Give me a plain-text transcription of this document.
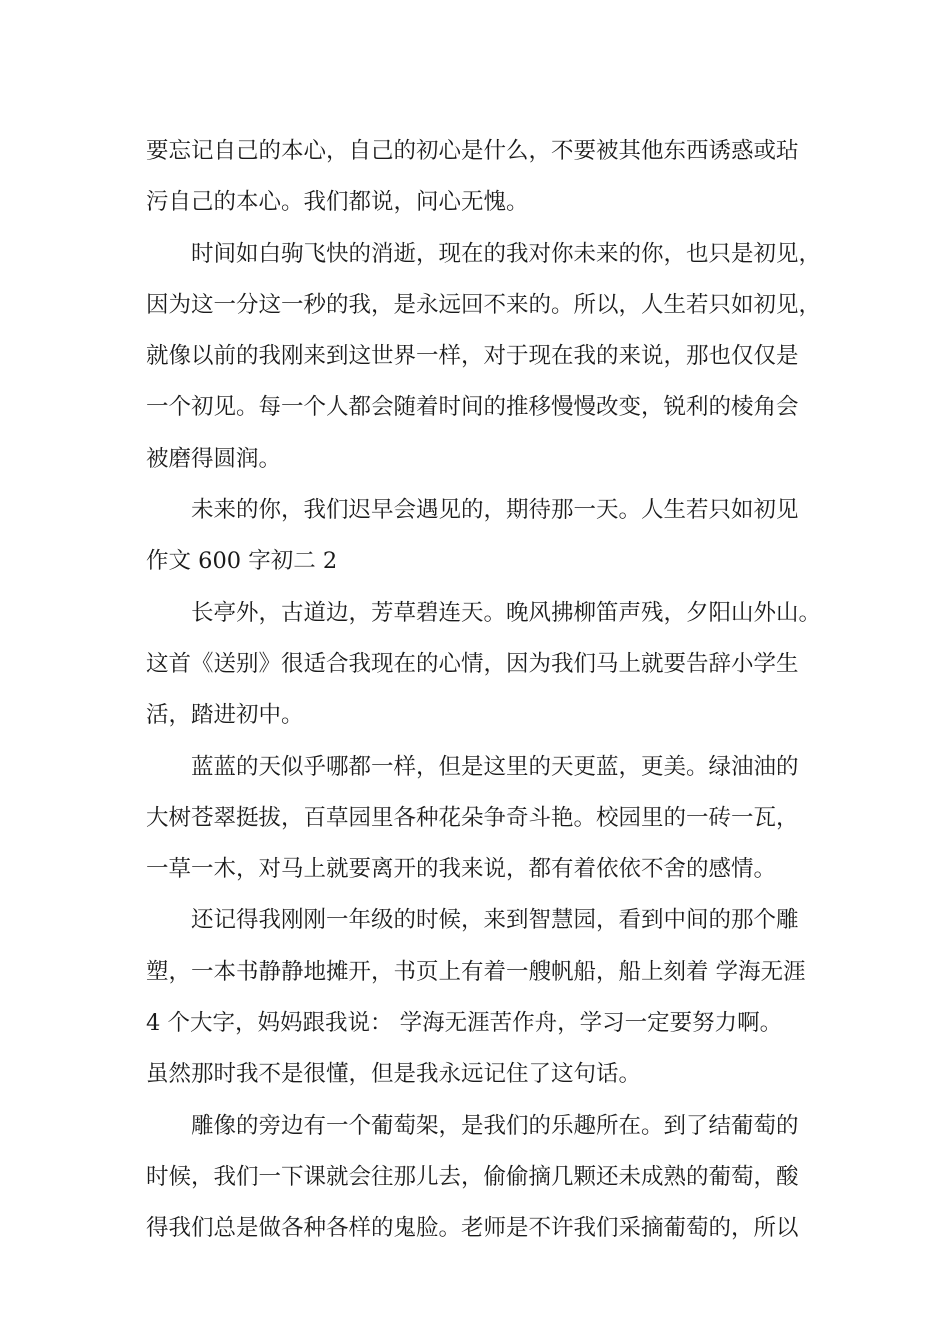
要忘记自己的本心，自己的初心是什么，不要被其他东西诱惑或玷
污自己的本心。我们都说，问心无愧。
时间如白驹飞快的消逝，现在的我对你未来的你，也只是初见，
因为这一分这一秒的我，是永远回不来的。所以，人生若只如初见，
就像以前的我刚来到这世界一样，对于现在我的来说，那也仅仅是
一个初见。每一个人都会随着时间的推移慢慢改变，锐利的棱角会
被磨得圆润。
未来的你，我们迟早会遇见的，期待那一天。人生若只如初见
作文 600 字初二 2
长亭外，古道边，芳草碧连天。晚风拂柳笛声残，夕阳山外山。
这首《送别》很适合我现在的心情，因为我们马上就要告辞小学生
活，踏进初中。
蓝蓝的天似乎哪都一样，但是这里的天更蓝，更美。绿油油的
大树苍翠挺拔，百草园里各种花朵争奇斗艳。校园里的一砖一瓦，
一草一木，对马上就要离开的我来说，都有着依依不舍的感情。
还记得我刚刚一年级的时候，来到智慧园，看到中间的那个雕
塑，一本书静静地摊开，书页上有着一艘帆船，船上刻着 学海无涯
4 个大字，妈妈跟我说： 学海无涯苦作舟，学习一定要努力啊。
虽然那时我不是很懂，但是我永远记住了这句话。
雕像的旁边有一个葡萄架，是我们的乐趣所在。到了结葡萄的
时候，我们一下课就会往那儿去，偷偷摘几颗还未成熟的葡萄，酸
得我们总是做各种各样的鬼脸。老师是不许我们采摘葡萄的，所以
